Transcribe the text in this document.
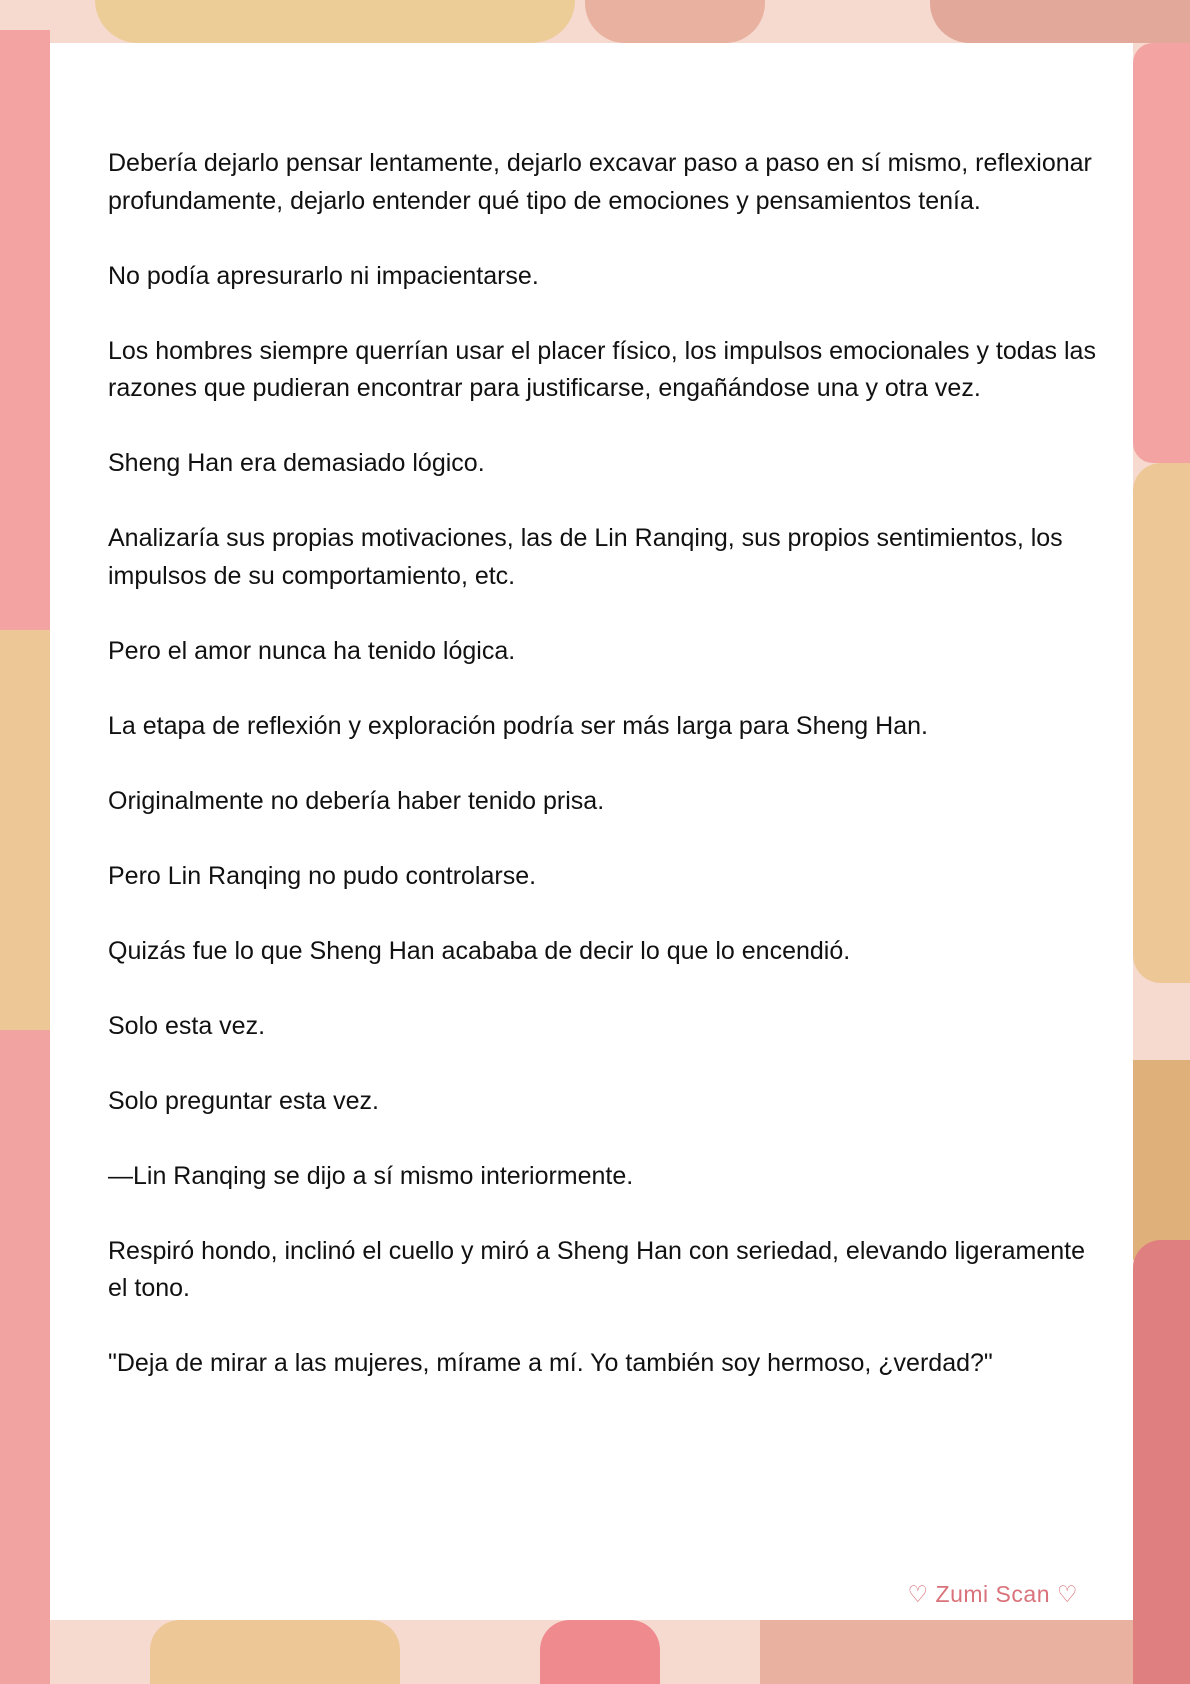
Debería dejarlo pensar lentamente, dejarlo excavar paso a paso en sí mismo, reflexionar profundamente, dejarlo entender qué tipo de emociones y pensamientos tenía.

No podía apresurarlo ni impacientarse.

Los hombres siempre querrían usar el placer físico, los impulsos emocionales y todas las razones que pudieran encontrar para justificarse, engañándose una y otra vez.

Sheng Han era demasiado lógico.

Analizaría sus propias motivaciones, las de Lin Ranqing, sus propios sentimientos, los impulsos de su comportamiento, etc.

Pero el amor nunca ha tenido lógica.

La etapa de reflexión y exploración podría ser más larga para Sheng Han.

Originalmente no debería haber tenido prisa.

Pero Lin Ranqing no pudo controlarse.

Quizás fue lo que Sheng Han acababa de decir lo que lo encendió.

Solo esta vez.

Solo preguntar esta vez.

—Lin Ranqing se dijo a sí mismo interiormente.

Respiró hondo, inclinó el cuello y miró a Sheng Han con seriedad, elevando ligeramente el tono.

"Deja de mirar a las mujeres, mírame a mí. Yo también soy hermoso, ¿verdad?"

♡ Zumi Scan ♡
